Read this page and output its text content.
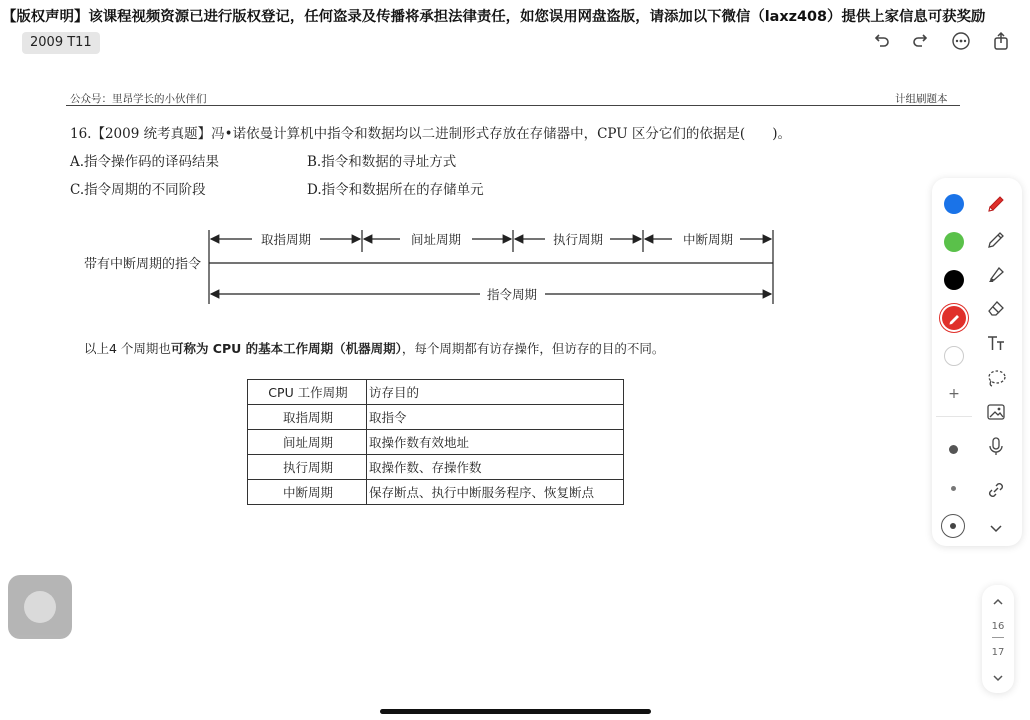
【版权声明】该课程视频资源已进行版权登记，任何盗录及传播将承担法律责任，如您误用网盘盗版，请添加以下微信（laxz408）提供上家信息可获奖励
2009 T11
公众号：里昂学长的小伙伴们	计组刷题本
16.【2009 统考真题】冯•诺依曼计算机中指令和数据均以二进制形式存放在存储器中，CPU 区分它们的依据是(　　)。
A.指令操作码的译码结果	B.指令和数据的寻址方式
C.指令周期的不同阶段	D.指令和数据所在的存储单元
带有中断周期的指令
取指周期	间址周期	执行周期	中断周期
指令周期
以上4 个周期也可称为 CPU 的基本工作周期（机器周期），每个周期都有访存操作，但访存的目的不同。
CPU 工作周期	访存目的
取指周期	取指令
间址周期	取操作数有效地址
执行周期	取操作数、存操作数
中断周期	保存断点、执行中断服务程序、恢复断点
+
16
17
